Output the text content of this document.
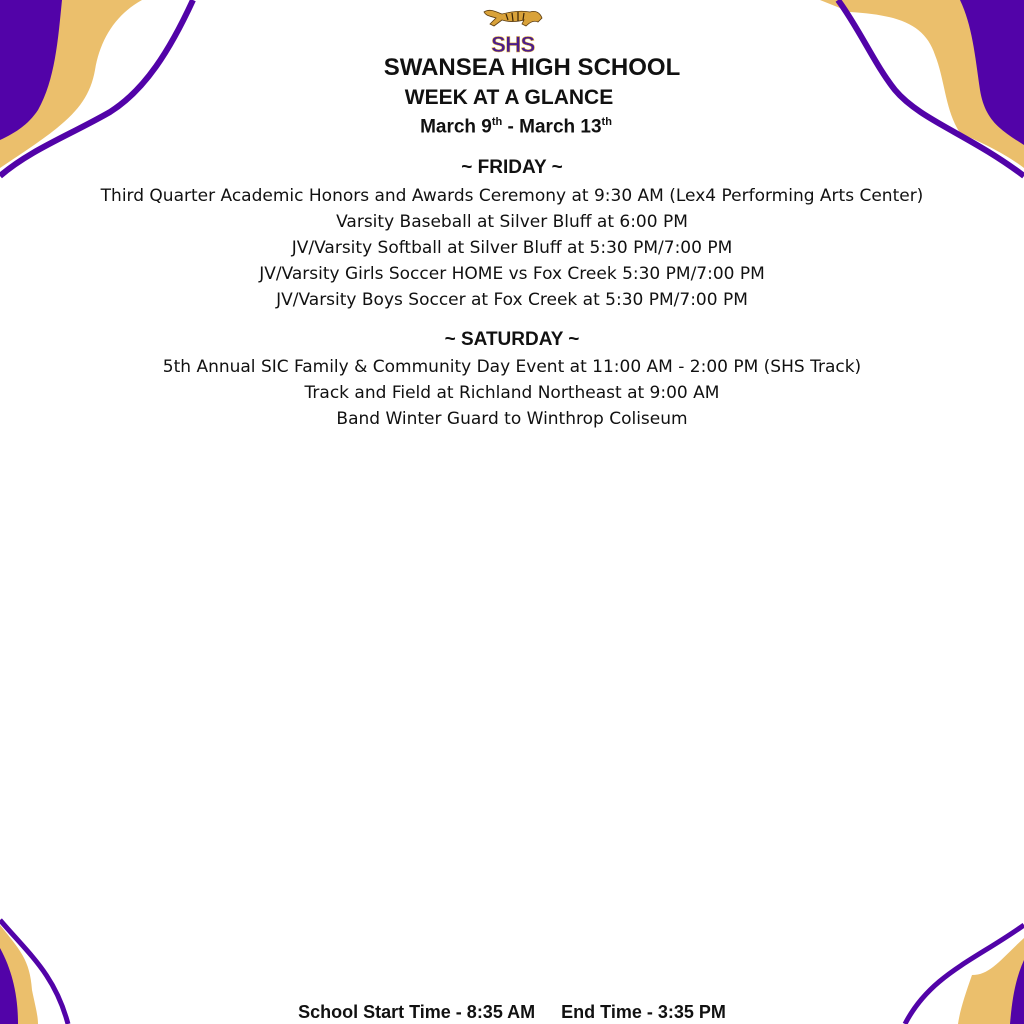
SHS
SWANSEA HIGH SCHOOL
WEEK AT A GLANCE
March 9th - March 13th
~ FRIDAY ~
Third Quarter Academic Honors and Awards Ceremony at 9:30 AM (Lex4 Performing Arts Center)
Varsity Baseball at Silver Bluff at 6:00 PM
JV/Varsity Softball at Silver Bluff at 5:30 PM/7:00 PM
JV/Varsity Girls Soccer HOME vs Fox Creek 5:30 PM/7:00 PM
JV/Varsity Boys Soccer at Fox Creek at 5:30 PM/7:00 PM
~ SATURDAY ~
5th Annual SIC Family & Community Day Event at 11:00 AM - 2:00 PM (SHS Track)
Track and Field at Richland Northeast at 9:00 AM
Band Winter Guard to Winthrop Coliseum
School Start Time - 8:35 AM End Time - 3:35 PM
